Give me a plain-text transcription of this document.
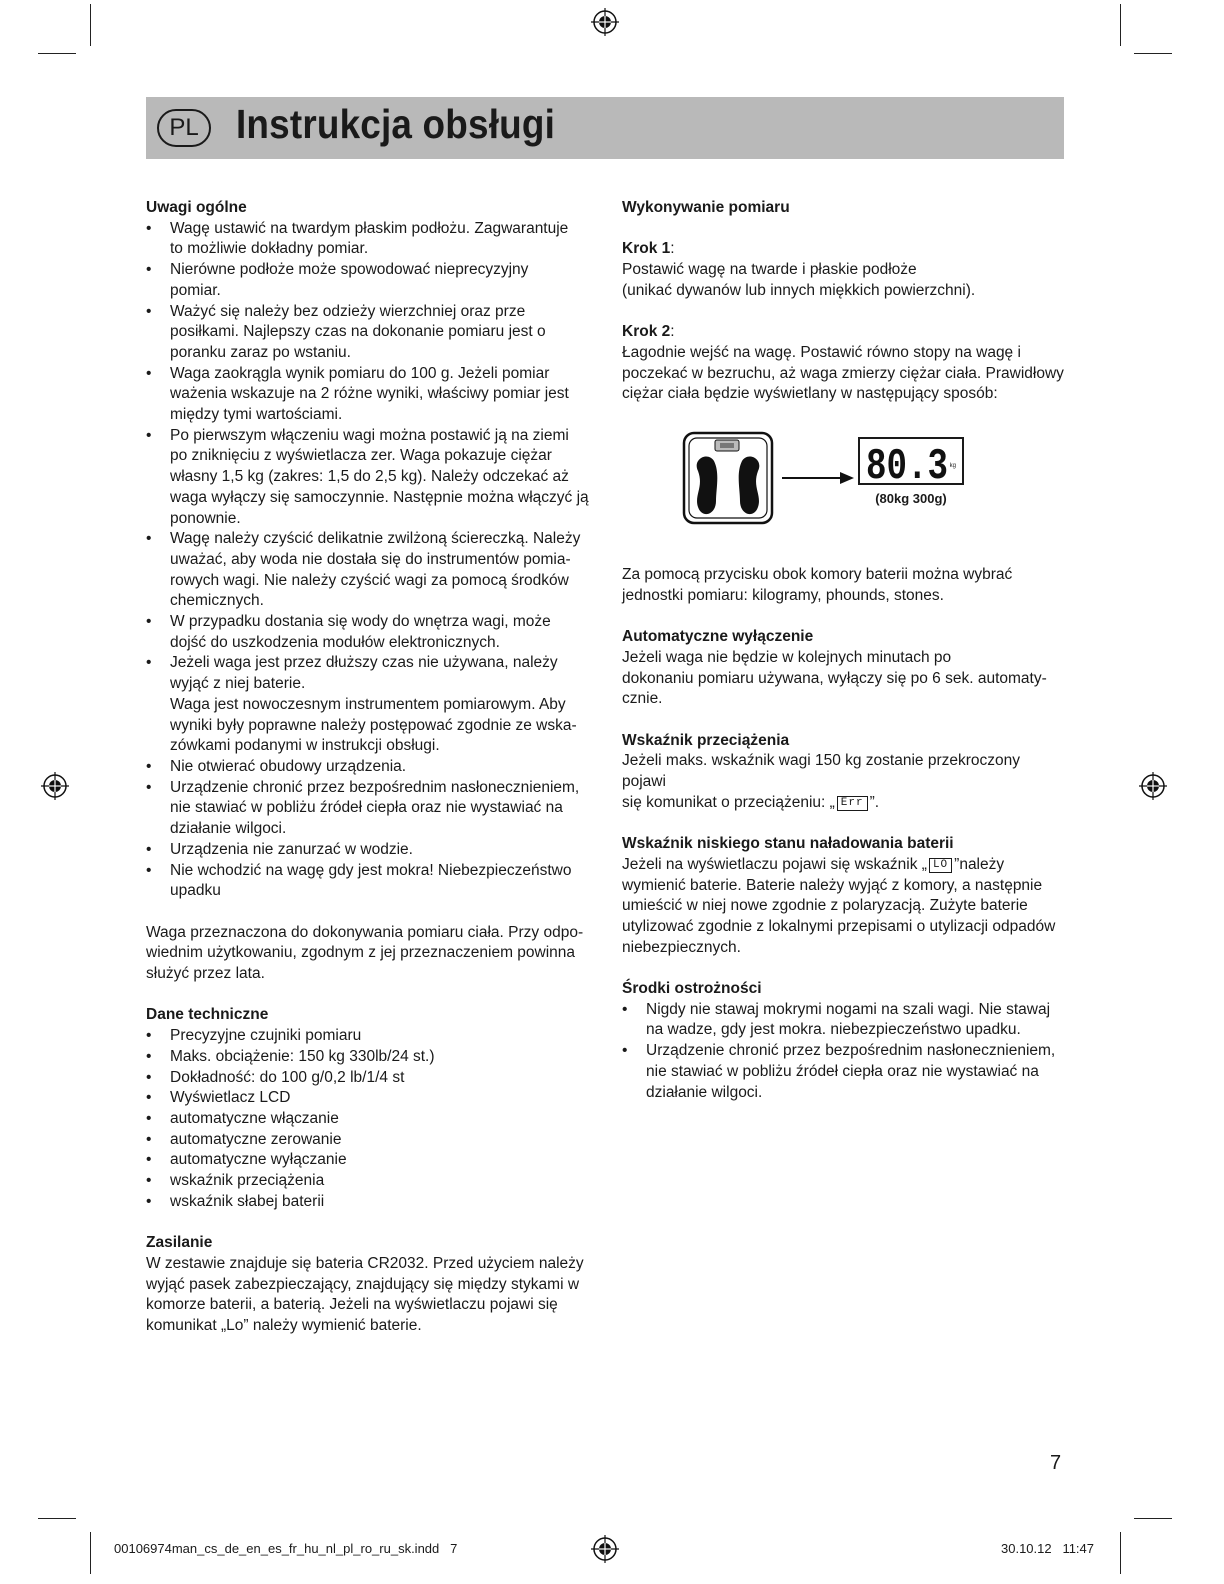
PL Instrukcja obsługi
Uwagi ogólne
• Wagę ustawić na twardym płaskim podłożu. Zagwarantuje
to możliwie dokładny pomiar.
• Nierówne podłoże może spowodować nieprecyzyjny
pomiar.
• Ważyć się należy bez odzieży wierzchniej oraz prze
posiłkami. Najlepszy czas na dokonanie pomiaru jest o
poranku zaraz po wstaniu.
• Waga zaokrągla wynik pomiaru do 100 g. Jeżeli pomiar
ważenia wskazuje na 2 różne wyniki, właściwy pomiar jest
między tymi wartościami.
• Po pierwszym włączeniu wagi można postawić ją na ziemi
po zniknięciu z wyświetlacza zer. Waga pokazuje ciężar
własny 1,5 kg (zakres: 1,5 do 2,5 kg). Należy odczekać aż
waga wyłączy się samoczynnie. Następnie można włączyć ją
ponownie.
• Wagę należy czyścić delikatnie zwilżoną ściereczką. Należy
uważać, aby woda nie dostała się do instrumentów pomia-
rowych wagi. Nie należy czyścić wagi za pomocą środków
chemicznych.
• W przypadku dostania się wody do wnętrza wagi, może
dojść do uszkodzenia modułów elektronicznych.
• Jeżeli waga jest przez dłuższy czas nie używana, należy
wyjąć z niej baterie.
Waga jest nowoczesnym instrumentem pomiarowym. Aby
wyniki były poprawne należy postępować zgodnie ze wska-
zówkami podanymi w instrukcji obsługi.
• Nie otwierać obudowy urządzenia.
• Urządzenie chronić przez bezpośrednim nasłonecznieniem,
nie stawiać w pobliżu źródeł ciepła oraz nie wystawiać na
działanie wilgoci.
• Urządzenia nie zanurzać w wodzie.
• Nie wchodzić na wagę gdy jest mokra! Niebezpieczeństwo
upadku
Waga przeznaczona do dokonywania pomiaru ciała. Przy odpo-
wiednim użytkowaniu, zgodnym z jej przeznaczeniem powinna
służyć przez lata.
Dane techniczne
• Precyzyjne czujniki pomiaru
• Maks. obciążenie: 150 kg 330lb/24 st.)
• Dokładność: do 100 g/0,2 lb/1/4 st
• Wyświetlacz LCD
• automatyczne włączanie
• automatyczne zerowanie
• automatyczne wyłączanie
• wskaźnik przeciążenia
• wskaźnik słabej baterii
Zasilanie
W zestawie znajduje się bateria CR2032. Przed użyciem należy
wyjąć pasek zabezpieczający, znajdujący się między stykami w
komorze baterii, a baterią. Jeżeli na wyświetlaczu pojawi się
komunikat „Lo” należy wymienić baterie.
Wykonywanie pomiaru

Krok 1:

Postawić wagę na twarde i płaskie podłoże
(unikać dywanów lub innych miękkich powierzchni).

Krok 2:

Łagodnie wejść na wagę. Postawić równo stopy na wagę i
poczekać w bezruchu, aż waga zmierzy ciężar ciała. Prawidłowy
ciężar ciała będzie wyświetlany w następujący sposób:
80.3 kg
(80kg 300g)
Za pomocą przycisku obok komory baterii można wybrać
jednostki pomiaru: kilogramy, phounds, stones.
Automatyczne wyłączenie
Jeżeli waga nie będzie w kolejnych minutach po
dokonaniu pomiaru używana, wyłączy się po 6 sek. automaty-
cznie.
Wskaźnik przeciążenia

Jeżeli maks. wskaźnik wagi 150 kg zostanie przekroczony pojawi

się komunikat o przeciążeniu: „ Err ”.

Wskaźnik niskiego stanu naładowania baterii

Jeżeli na wyświetlaczu pojawi się wskaźnik „ LO ”należy

wymienić baterie. Baterie należy wyjąć z komory, a następnie
umieścić w niej nowe zgodnie z polaryzacją. Zużyte baterie
utylizować zgodnie z lokalnymi przepisami o utylizacji odpadów
niebezpiecznych.
Środki ostrożności
• Nigdy nie stawaj mokrymi nogami na szali wagi. Nie stawaj
na wadze, gdy jest mokra. niebezpieczeństwo upadku.
• Urządzenie chronić przez bezpośrednim nasłonecznieniem,
nie stawiać w pobliżu źródeł ciepła oraz nie wystawiać na
działanie wilgoci.
7
00106974man_cs_de_en_es_fr_hu_nl_pl_ro_ru_sk.indd   7	30.10.12   11:47
